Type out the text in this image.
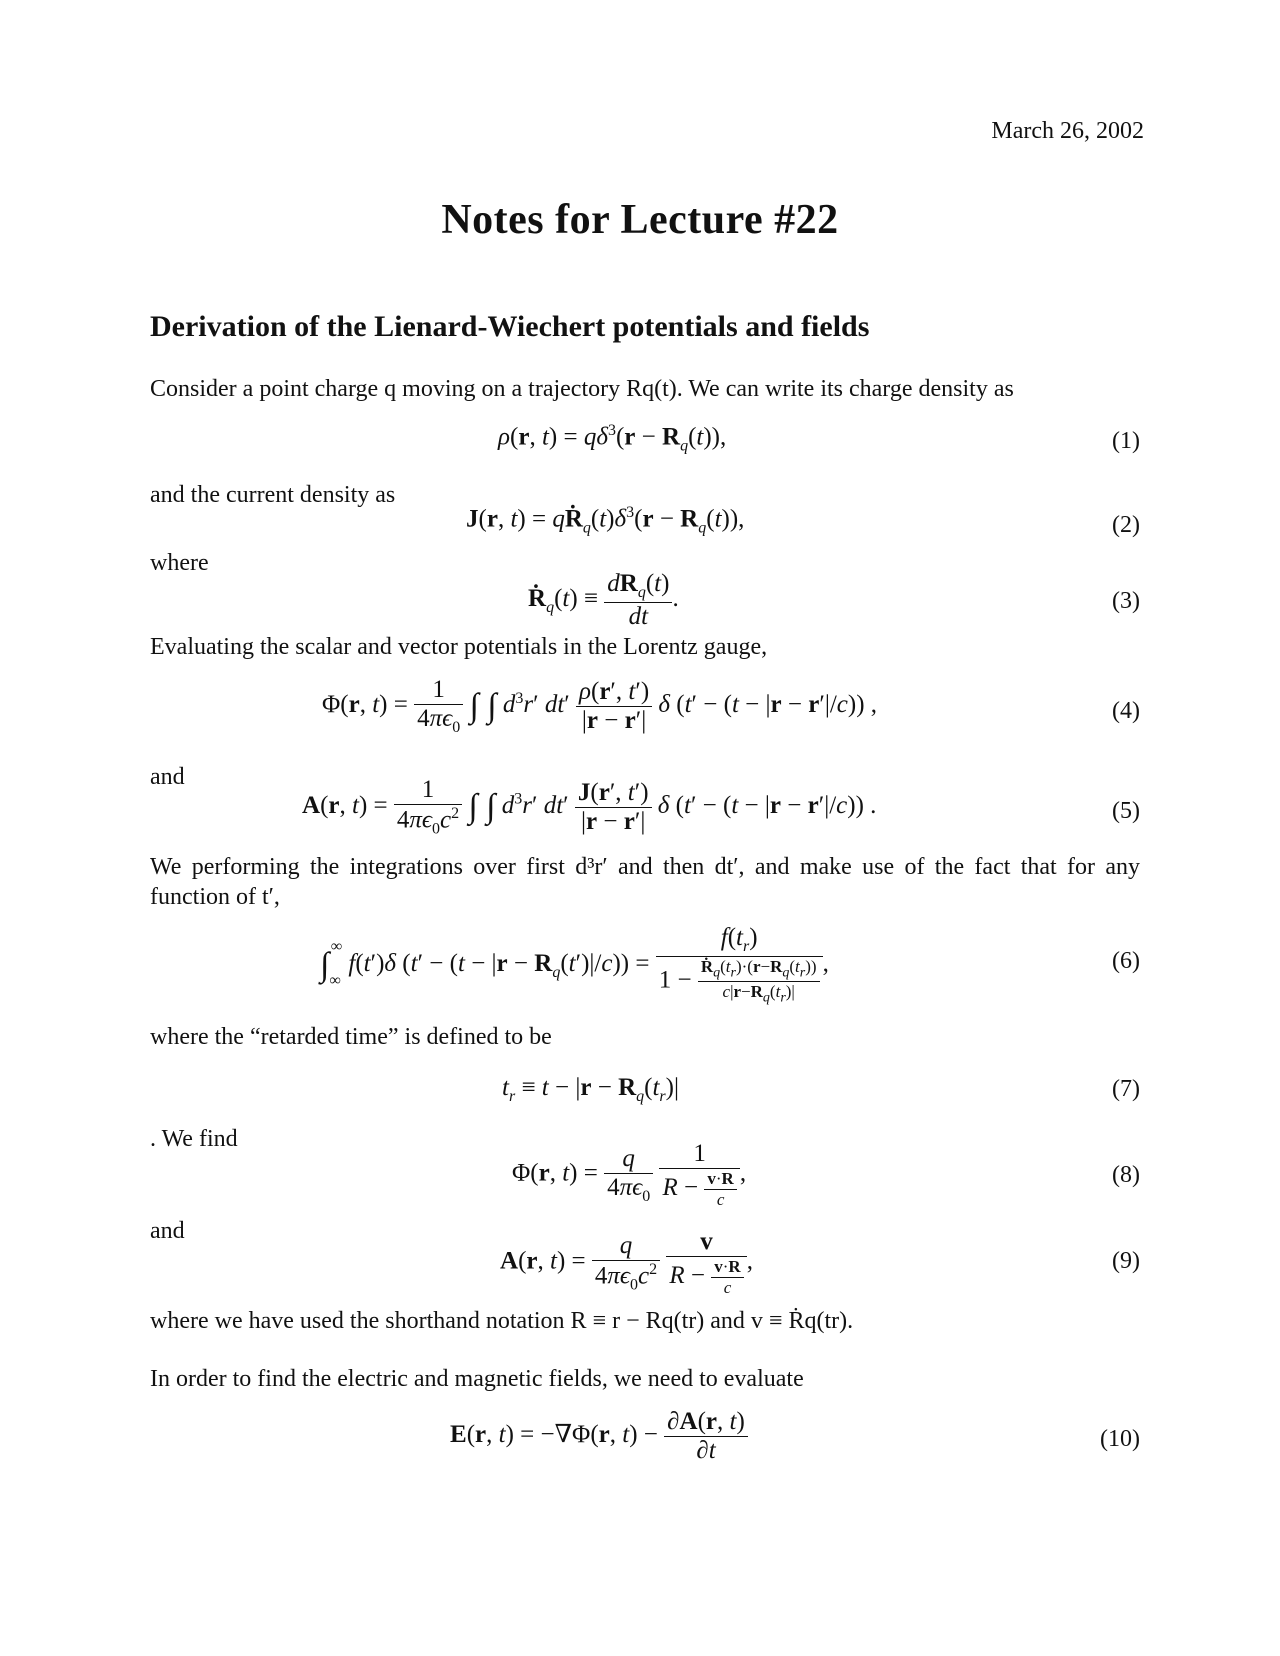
March 26, 2002
Notes for Lecture #22
Derivation of the Lienard-Wiechert potentials and fields
Consider a point charge q moving on a trajectory Rq(t). We can write its charge density as
ρ(r, $t) = q\delta^3(r - R_q(t))$,	(1)
and the current density as
J(r, $t) = qṘ_q(t)\delta^3(r - R_q(t))$,	(2)
where
Ṙ$_q$(t) ≡ $\frac{dR_q(t)}{dt}$ .	(3)
Evaluating the scalar and vector potentials in the Lorentz gauge,
Φ(r, $t) = \frac{1}{4\pi\epsilon_0}$ ∫ ∫ $d^3r'$ $dt' \frac{\rho(r', t')}{|r - r'|}$ δ (t′ − (t − |r − r′|/c)) ,	(4)
and
A(r, $t) = \frac{1}{4\pi\epsilon_0c^2}$ ∫ ∫ $d^3r'$ $dt' \frac{J(r', t')}{|r - r'|}$ δ (t′ − (t − |r − r′|/c)) .	(5)
We performing the integrations over first d³r′ and then dt′, and make use of the fact that for any function of t′,
$\int_\infty^\infty$ f(t′)δ $(t' - (t - |r - R_q(t')|/c)) = \frac{f(t_r)}{1 - \frac{Ṙ_q(t_r)\cdot(r-R_q(t_r))}{c|r-R_q(t_r)|}}$ ,	(6)
where the “retarded time” is defined to be
$t_r \equiv t - |r - R_q(t_r)|$	(7)
. We find
Φ(r, $t) = \frac{q}{4\pi\epsilon_0}$
$\frac{1}{R - \frac{v\cdot R}{c}}$ ,	(8)
and
A(r, $t) = \frac{q}{4\pi\epsilon_0c^2}$
$\frac{v}{R - \frac{v\cdot R}{c}}$ ,	(9)
where we have used the shorthand notation R ≡ r − Rq(tr) and v ≡ Ṙq(tr).
In order to find the electric and magnetic fields, we need to evaluate
E(r, t) = −∇Φ(r, $t) - \frac{\partial A(r, t)}{\partial t}$	(10)
